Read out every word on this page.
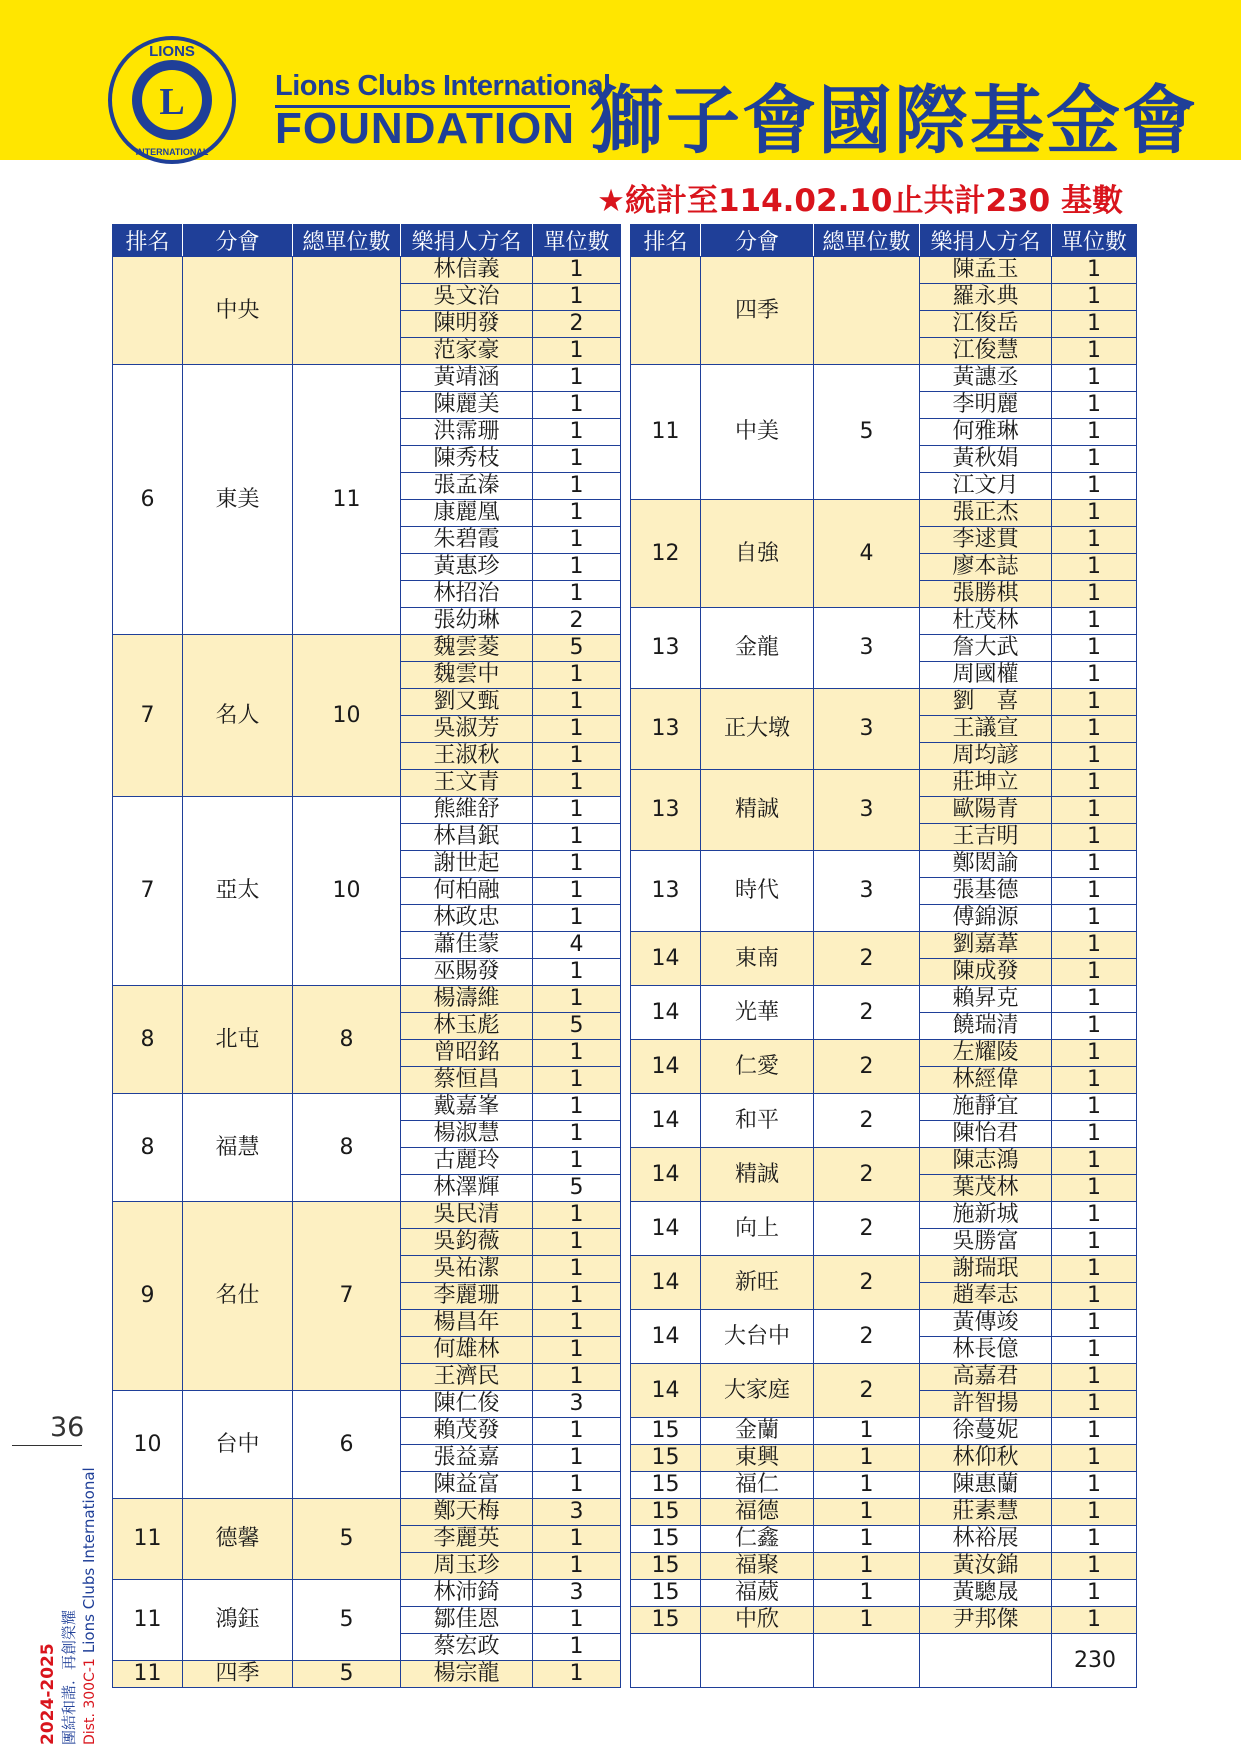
L
LIONS
INTERNATIONAL
Lions Clubs International
FOUNDATION 獅子會國際基金會
★統計至114.02.10止共計230 基數
排名	分會	總單位數	樂捐人方名	單位數
	中央		林信義	1
			吳文治	1
			陳明發	2
			范家豪	1
6	東美	11	黃靖涵	1
			陳麗美	1
			洪霈珊	1
			陳秀枝	1
			張孟溱	1
			康麗凰	1
			朱碧霞	1
			黃惠珍	1
			林招治	1
			張幼琳	2
7	名人	10	魏雲菱	5
			魏雲中	1
			劉又甄	1
			吳淑芳	1
			王淑秋	1
			王文青	1
7	亞太	10	熊維舒	1
			林昌鈱	1
			謝世起	1
			何柏融	1
			林政忠	1
			蕭佳蒙	4
			巫賜發	1
8	北屯	8	楊濤維	1
			林玉彪	5
			曾昭銘	1
			蔡恒昌	1
8	福慧	8	戴嘉峯	1
			楊淑慧	1
			古麗玲	1
			林澤輝	5
9	名仕	7	吳民清	1
			吳鈞薇	1
			吳祐潔	1
			李麗珊	1
			楊昌年	1
			何雄林	1
			王濟民	1
10	台中	6	陳仁俊	3
			賴茂發	1
			張益嘉	1
			陳益富	1
11	德馨	5	鄭天梅	3
			李麗英	1
			周玉珍	1
11	鴻鈺	5	林沛錡	3
			鄒佳恩	1
			蔡宏政	1
11	四季	5	楊宗龍	1
排名	分會	總單位數	樂捐人方名	單位數
	四季		陳孟玉	1
			羅永典	1
			江俊岳	1
			江俊慧	1
11	中美	5	黃譓丞	1
			李明麗	1
			何雅琳	1
			黃秋娟	1
			江文月	1
12	自強	4	張正杰	1
			李逑貫	1
			廖本誌	1
			張勝棋	1
13	金龍	3	杜茂林	1
			詹大武	1
			周國權	1
13	正大墩	3	劉　喜	1
			王議宣	1
			周均諺	1
13	精誠	3	莊坤立	1
			歐陽青	1
			王吉明	1
13	時代	3	鄭閎諭	1
			張基德	1
			傅錦源	1
14	東南	2	劉嘉葦	1
			陳成發	1
14	光華	2	賴昇克	1
			饒瑞清	1
14	仁愛	2	左耀陵	1
			林經偉	1
14	和平	2	施靜宜	1
			陳怡君	1
14	精誠	2	陳志鴻	1
			葉茂林	1
14	向上	2	施新城	1
			吳勝富	1
14	新旺	2	謝瑞珉	1
			趙奉志	1
14	大台中	2	黃傳竣	1
			林長億	1
14	大家庭	2	高嘉君	1
			許智揚	1
15	金蘭	1	徐蔓妮	1
15	東興	1	林仰秋	1
15	福仁	1	陳惠蘭	1
15	福德	1	莊素慧	1
15	仁鑫	1	林裕展	1
15	福聚	1	黃汝錦	1
15	福葳	1	黃驄晟	1
15	中欣	1	尹邦傑	1
				230
36
2024-2025 團結和諧．再創榮耀 Dist. 300C-1 Lions Clubs International
